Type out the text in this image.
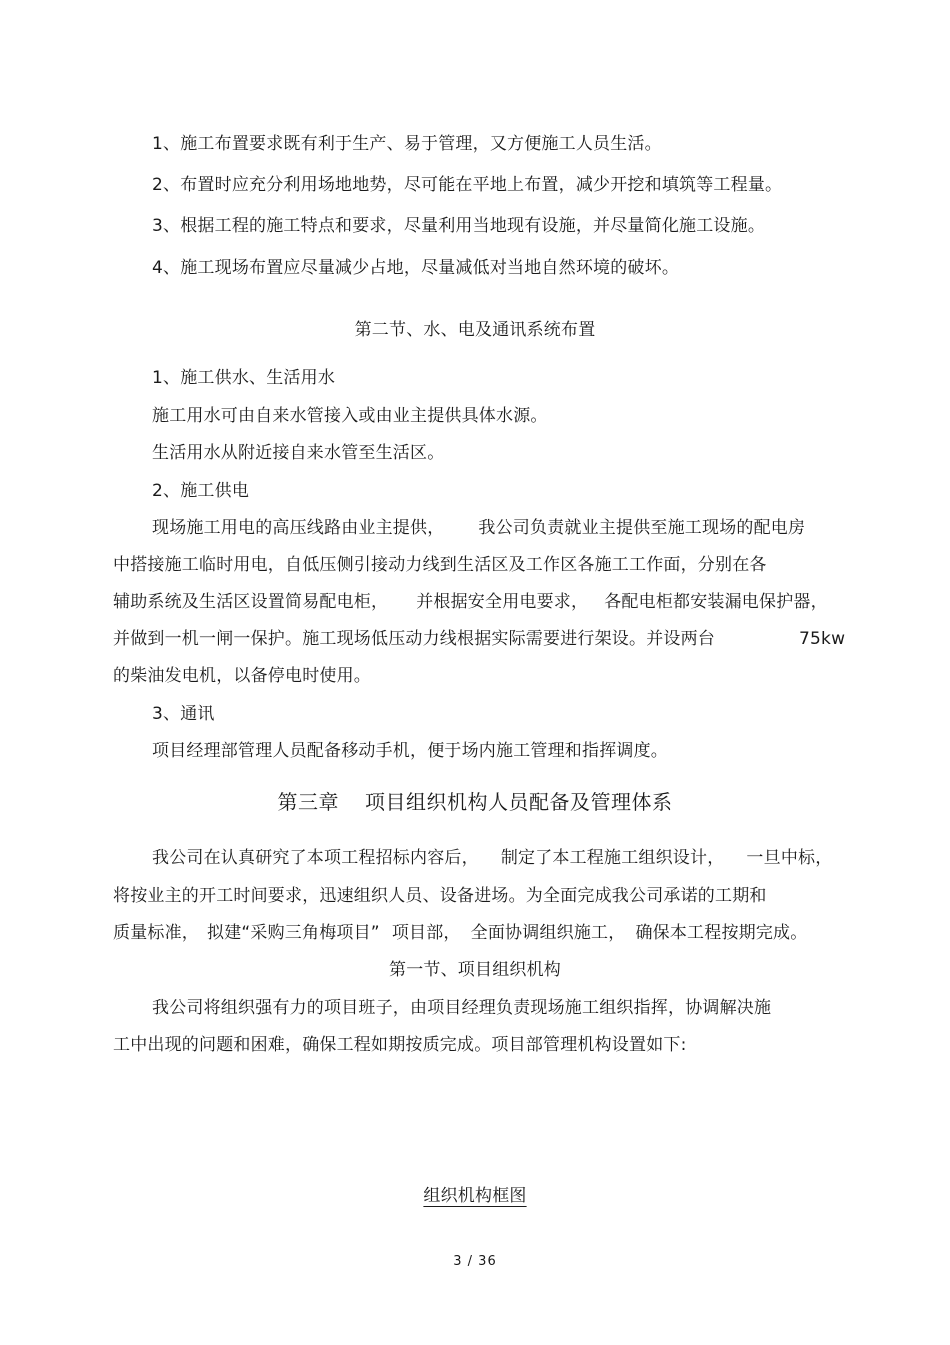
1、施工布置要求既有利于生产、易于管理，又方便施工人员生活。
2、布置时应充分利用场地地势，尽可能在平地上布置，减少开挖和填筑等工程量。
3、根据工程的施工特点和要求，尽量利用当地现有设施，并尽量简化施工设施。
4、施工现场布置应尽量减少占地，尽量减低对当地自然环境的破坏。
第二节、水、电及通讯系统布置
1、施工供水、生活用水
施工用水可由自来水管接入或由业主提供具体水源。
生活用水从附近接自来水管至生活区。
2、施工供电
现场施工用电的高压线路由业主提供， 我公司负责就业主提供至施工现场的配电房
中搭接施工临时用电，自低压侧引接动力线到生活区及工作区各施工工作面，分别在各
辅助系统及生活区设置简易配电柜， 并根据安全用电要求， 各配电柜都安装漏电保护器，
并做到一机一闸一保护。施工现场低压动力线根据实际需要进行架设。并设两台	75kw
的柴油发电机，以备停电时使用。
3、通讯
项目经理部管理人员配备移动手机，便于场内施工管理和指挥调度。
第三章 项目组织机构人员配备及管理体系
我公司在认真研究了本项工程招标内容后， 制定了本工程施工组织设计， 一旦中标，
将按业主的开工时间要求，迅速组织人员、设备进场。为全面完成我公司承诺的工期和
质量标准， 拟建“采购三角梅项目” 项目部， 全面协调组织施工， 确保本工程按期完成。
第一节、项目组织机构
我公司将组织强有力的项目班子，由项目经理负责现场施工组织指挥，协调解决施
工中出现的问题和困难，确保工程如期按质完成。项目部管理机构设置如下:
组织机构框图
3 / 36
